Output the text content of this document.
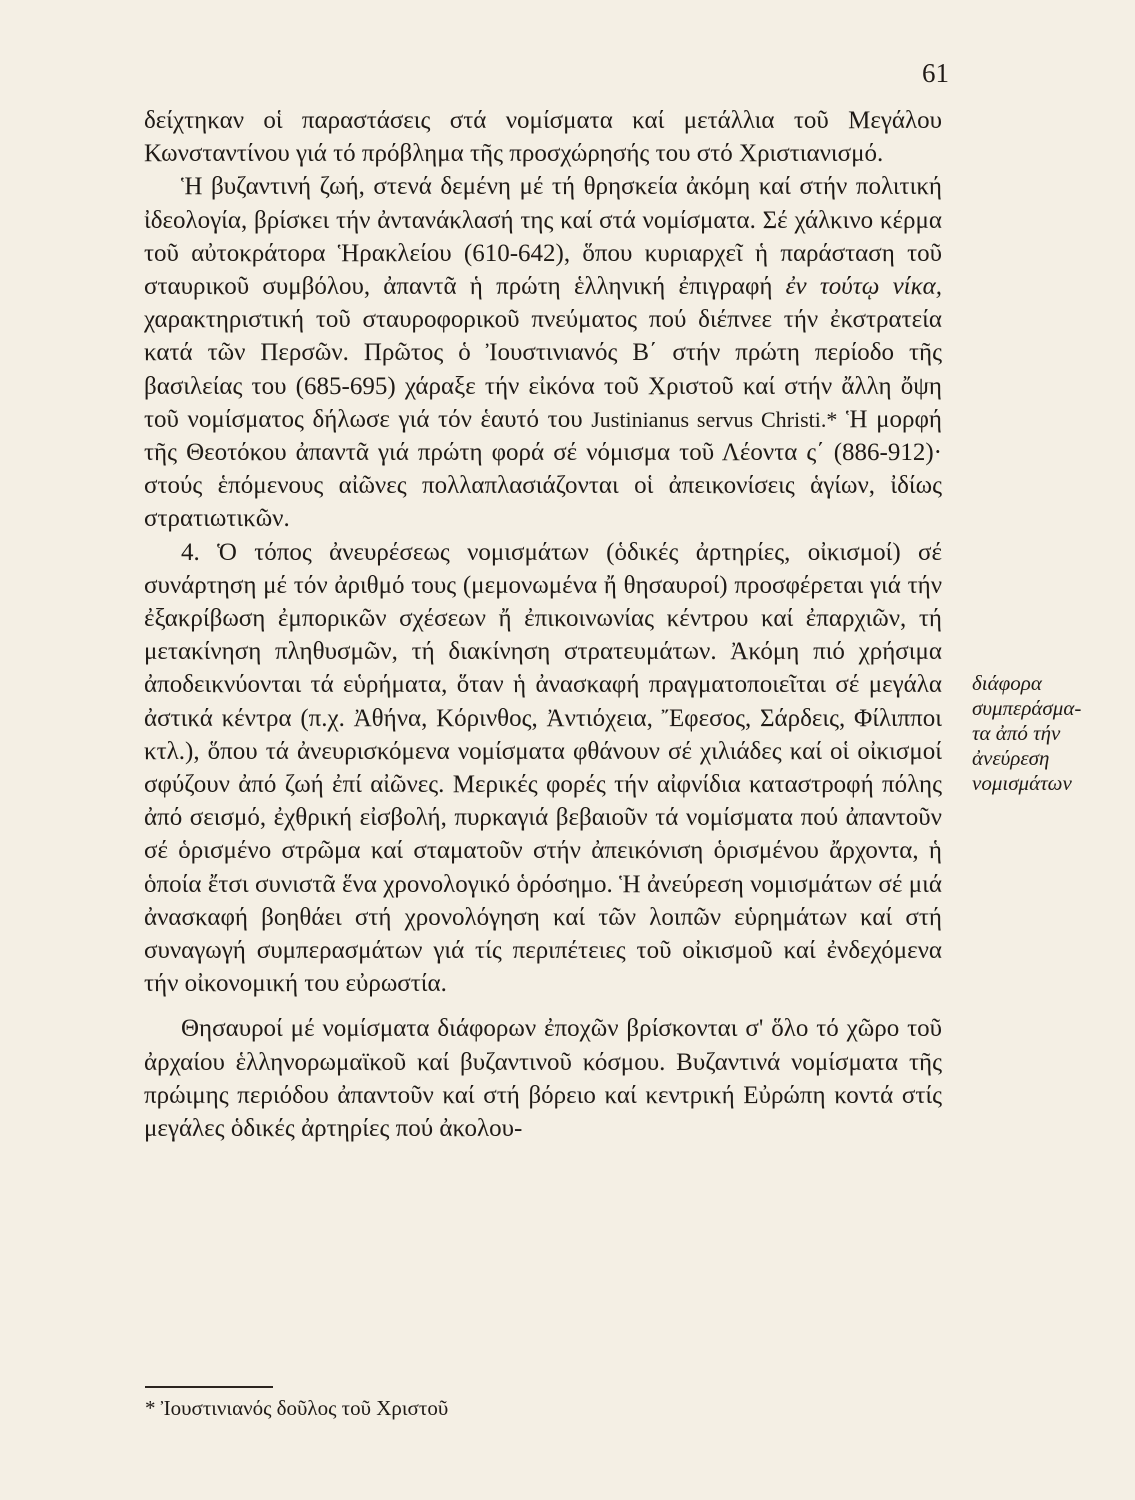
61

δείχτηκαν οἱ παραστάσεις στά νομίσματα καί μετάλλια τοῦ Μεγάλου Κωνσταντίνου γιά τό πρόβλημα τῆς προσχώρησής του στό Χριστιανισμό.

Ἡ βυζαντινή ζωή, στενά δεμένη μέ τή θρησκεία ἀκόμη καί στήν πολιτική ἰδεολογία, βρίσκει τήν ἀντανάκλασή της καί στά νομίσματα. Σέ χάλκινο κέρμα τοῦ αὐτοκράτορα Ἡρακλείου (610-642), ὅπου κυριαρχεῖ ἡ παράσταση τοῦ σταυρικοῦ συμβόλου, ἀπαντᾶ ἡ πρώτη ἑλληνική ἐπιγραφή ἐν τούτῳ νίκα, χαρακτηριστική τοῦ σταυροφορικοῦ πνεύματος πού διέπνεε τήν ἐκστρατεία κατά τῶν Περσῶν. Πρῶτος ὁ Ἰουστινιανός Β΄ στήν πρώτη περίοδο τῆς βασιλείας του (685-695) χάραξε τήν εἰκόνα τοῦ Χριστοῦ καί στήν ἄλλη ὄψη τοῦ νομίσματος δήλωσε γιά τόν ἑαυτό του Justinianus servus Christi.* Ἡ μορφή τῆς Θεοτόκου ἀπαντᾶ γιά πρώτη φορά σέ νόμισμα τοῦ Λέοντα ς΄ (886-912)· στούς ἑπόμενους αἰῶνες πολλαπλασιάζονται οἱ ἀπεικονίσεις ἁγίων, ἰδίως στρατιωτικῶν.

4. Ὁ τόπος ἀνευρέσεως νομισμάτων (ὁδικές ἀρτηρίες, οἰκισμοί) σέ συνάρτηση μέ τόν ἀριθμό τους (μεμονωμένα ἤ θησαυροί) προσφέρεται γιά τήν ἐξακρίβωση ἐμπορικῶν σχέσεων ἤ ἐπικοινωνίας κέντρου καί ἐπαρχιῶν, τή μετακίνηση πληθυσμῶν, τή διακίνηση στρατευμάτων. Ἀκόμη πιό χρήσιμα ἀποδεικνύονται τά εὑρήματα, ὅταν ἡ ἀνασκαφή πραγματοποιεῖται σέ μεγάλα ἀστικά κέντρα (π.χ. Ἀθήνα, Κόρινθος, Ἀντιόχεια, Ἔφεσος, Σάρδεις, Φίλιπποι κτλ.), ὅπου τά ἀνευρισκόμενα νομίσματα φθάνουν σέ χιλιάδες καί οἱ οἰκισμοί σφύζουν ἀπό ζωή ἐπί αἰῶνες. Μερικές φορές τήν αἰφνίδια καταστροφή πόλης ἀπό σεισμό, ἐχθρική εἰσβολή, πυρκαγιά βεβαιοῦν τά νομίσματα πού ἀπαντοῦν σέ ὁρισμένο στρῶμα καί σταματοῦν στήν ἀπεικόνιση ὁρισμένου ἄρχοντα, ἡ ὁποία ἔτσι συνιστᾶ ἕνα χρονολογικό ὁρόσημο. Ἡ ἀνεύρεση νομισμάτων σέ μιά ἀνασκαφή βοηθάει στή χρονολόγηση καί τῶν λοιπῶν εὑρημάτων καί στή συναγωγή συμπερασμάτων γιά τίς περιπέτειες τοῦ οἰκισμοῦ καί ἐνδεχόμενα τήν οἰκονομική του εὐρωστία.

Θησαυροί μέ νομίσματα διάφορων ἐποχῶν βρίσκονται σ' ὅλο τό χῶρο τοῦ ἀρχαίου ἑλληνορωμαϊκοῦ καί βυζαντινοῦ κόσμου. Βυζαντινά νομίσματα τῆς πρώιμης περιόδου ἀπαντοῦν καί στή βόρειο καί κεντρική Εὐρώπη κοντά στίς μεγάλες ὁδικές ἀρτηρίες πού ἀκολου-

διάφορα
συμπεράσμα-
τα ἀπό τήν
ἀνεύρεση
νομισμάτων
* Ἰουστινιανός δοῦλος τοῦ Χριστοῦ
